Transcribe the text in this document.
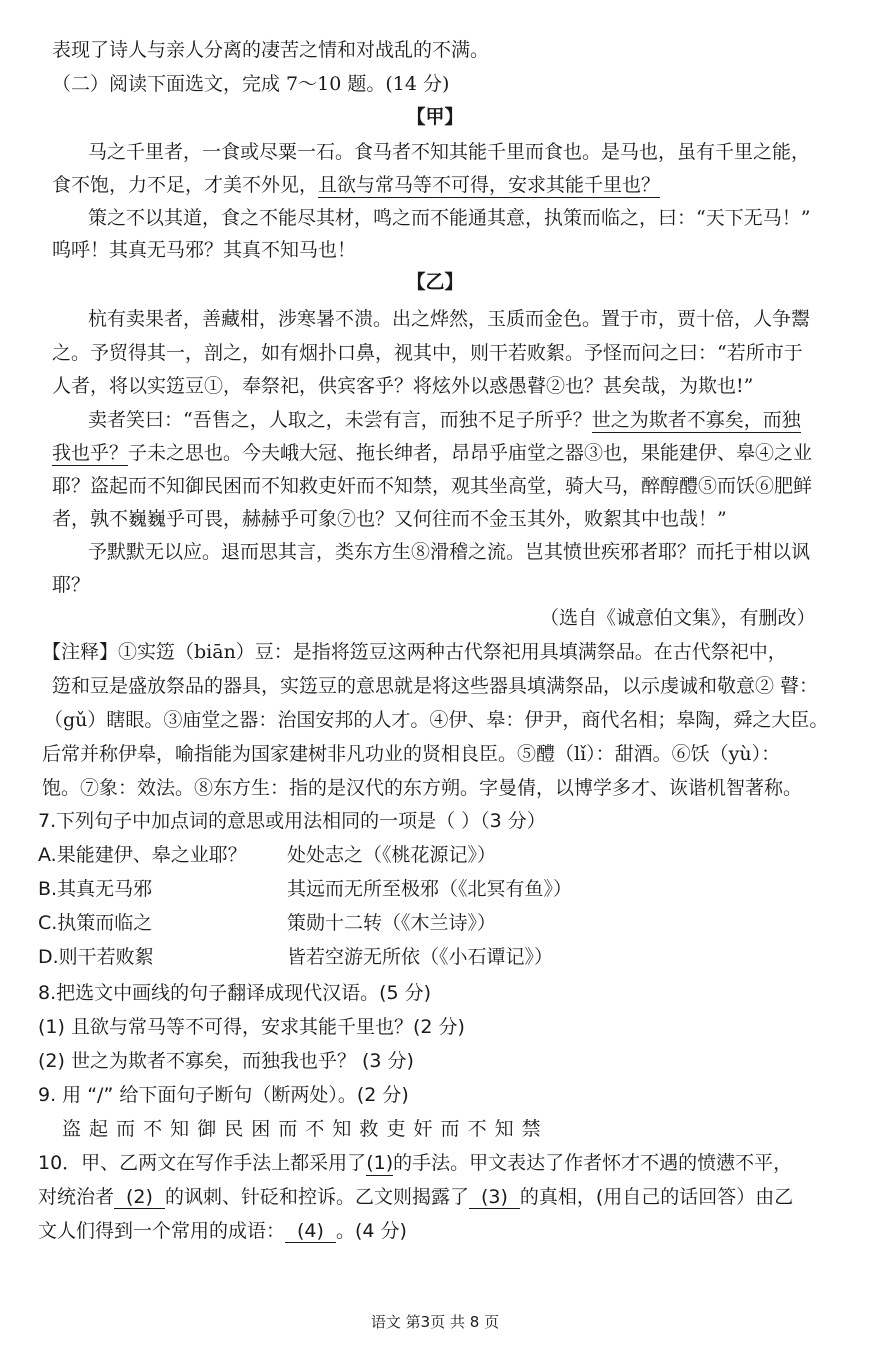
表现了诗人与亲人分离的凄苦之情和对战乱的不满。
（二）阅读下面选文，完成 7～10 题。(14 分)
【甲】
马之千里者，一食或尽粟一石。食马者不知其能千里而食也。是马也，虽有千里之能，
食不饱，力不足，才美不外见，且欲与常马等不可得，安求其能千里也？
策之不以其道，食之不能尽其材，鸣之而不能通其意，执策而临之，曰：“天下无马！”
呜呼！其真无马邪？其真不知马也！
【乙】
杭有卖果者，善藏柑，涉寒暑不溃。出之烨然，玉质而金色。置于市，贾十倍，人争鬻
之。予贸得其一，剖之，如有烟扑口鼻，视其中，则干若败絮。予怪而问之曰：“若所市于
人者，将以实笾豆①，奉祭祀，供宾客乎？将炫外以惑愚瞽②也？甚矣哉，为欺也!”
卖者笑曰：“吾售之，人取之，未尝有言，而独不足子所乎？世之为欺者不寡矣，而独
我也乎？子未之思也。今夫峨大冠、拖长绅者，昂昂乎庙堂之器③也，果能建伊、皋④之业
耶？盗起而不知御民困而不知救吏奸而不知禁，观其坐高堂，骑大马，醉醇醴⑤而饫⑥肥鲜
者，孰不巍巍乎可畏，赫赫乎可象⑦也？又何往而不金玉其外，败絮其中也哉！”
予默默无以应。退而思其言，类东方生⑧滑稽之流。岂其愤世疾邪者耶？而托于柑以讽
耶？
（选自《诚意伯文集》，有删改）
【注释】①实笾（biān）豆：是指将笾豆这两种古代祭祀用具填满祭品。在古代祭祀中，
笾和豆是盛放祭品的器具，实笾豆的意思就是将这些器具填满祭品，以示虔诚和敬意② 瞽：
（gǔ）瞎眼。③庙堂之器：治国安邦的人才。④伊、皋：伊尹，商代名相；皋陶，舜之大臣。
后常并称伊皋，喻指能为国家建树非凡功业的贤相良臣。⑤醴（lǐ）：甜酒。⑥饫（yù）：
饱。⑦象：效法。⑧东方生：指的是汉代的东方朔。字曼倩，以博学多才、诙谐机智著称。
7.下列句子中加点词的意思或用法相同的一项是（ ）（3 分）
A.果能建伊、皋之业耶？ 处处志之（《桃花源记》）
B.其真无马邪	其远而无所至极邪（《北冥有鱼》）
C.执策而临之	策勋十二转（《木兰诗》）
D.则干若败絮	皆若空游无所依（《小石谭记》）
8.把选文中画线的句子翻译成现代汉语。(5 分)
(1) 且欲与常马等不可得，安求其能千里也？(2 分)
(2) 世之为欺者不寡矣，而独我也乎？ (3 分)
9. 用 “/” 给下面句子断句（断两处）。(2 分)
盗 起 而 不 知 御 民 困 而 不 知 救 吏 奸 而 不 知 禁
10．甲、乙两文在写作手法上都采用了(1)的手法。甲文表达了作者怀才不遇的愤懑不平，
对统治者 (2) 的讽刺、针砭和控诉。乙文则揭露了 (3) 的真相，(用自己的话回答）由乙
文人们得到一个常用的成语： (4) 。(4 分)
语文 第3页 共 8 页
